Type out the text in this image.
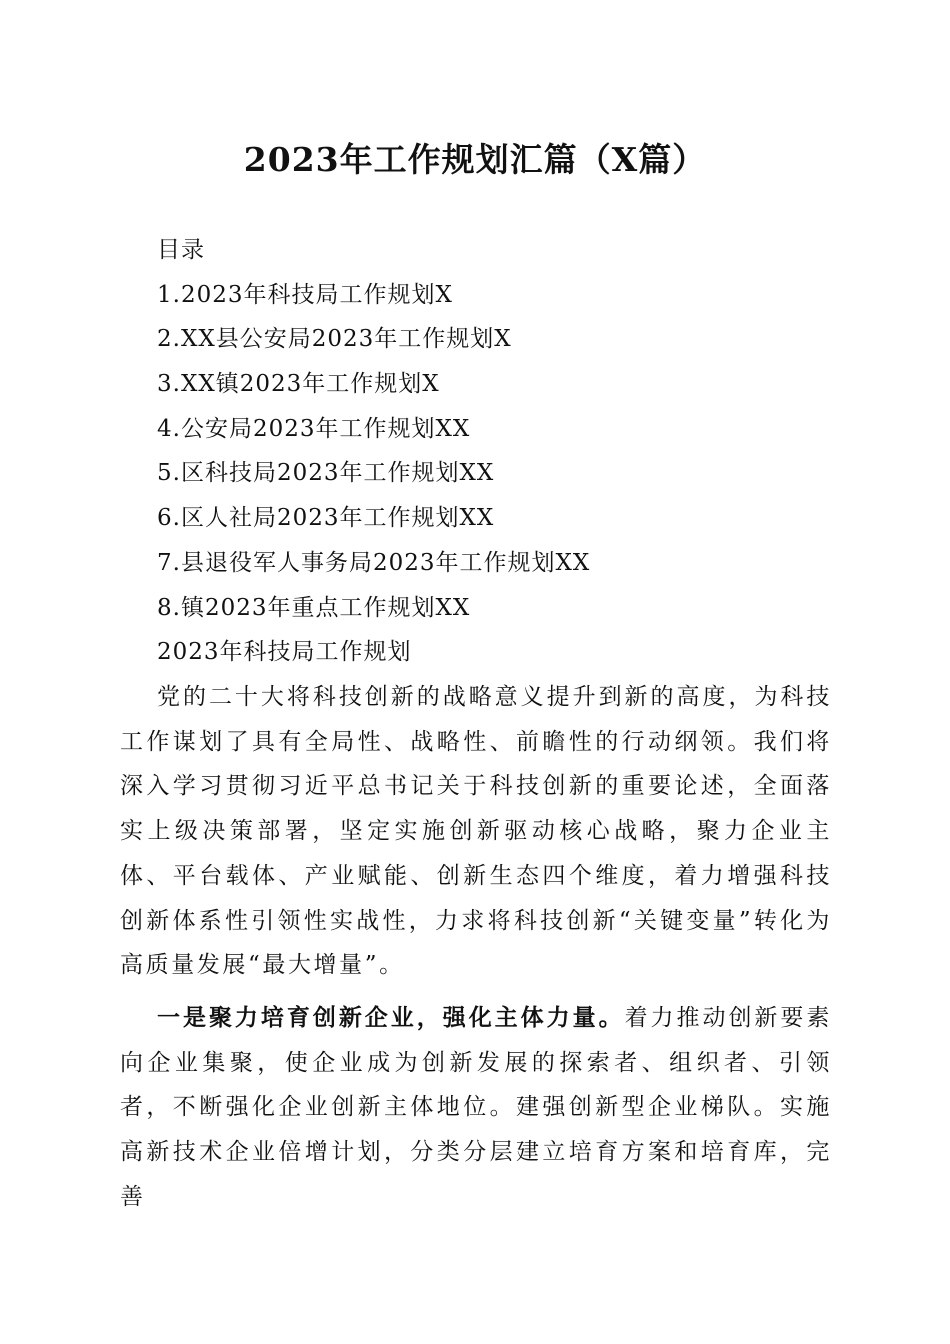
2023年工作规划汇篇（X篇）
目录
1.2023年科技局工作规划X
2.XX县公安局2023年工作规划X
3.XX镇2023年工作规划X
4.公安局2023年工作规划XX
5.区科技局2023年工作规划XX
6.区人社局2023年工作规划XX
7.县退役军人事务局2023年工作规划XX
8.镇2023年重点工作规划XX
2023年科技局工作规划

党的二十大将科技创新的战略意义提升到新的高度，为科技工作谋划了具有全局性、战略性、前瞻性的行动纲领。我们将深入学习贯彻习近平总书记关于科技创新的重要论述，全面落实上级决策部署，坚定实施创新驱动核心战略，聚力企业主体、平台载体、产业赋能、创新生态四个维度，着力增强科技创新体系性引领性实战性，力求将科技创新“关键变量”转化为高质量发展“最大增量”。

一是聚力培育创新企业，强化主体力量。着力推动创新要素向企业集聚，使企业成为创新发展的探索者、组织者、引领者，不断强化企业创新主体地位。建强创新型企业梯队。实施高新技术企业倍增计划，分类分层建立培育方案和培育库，完善
